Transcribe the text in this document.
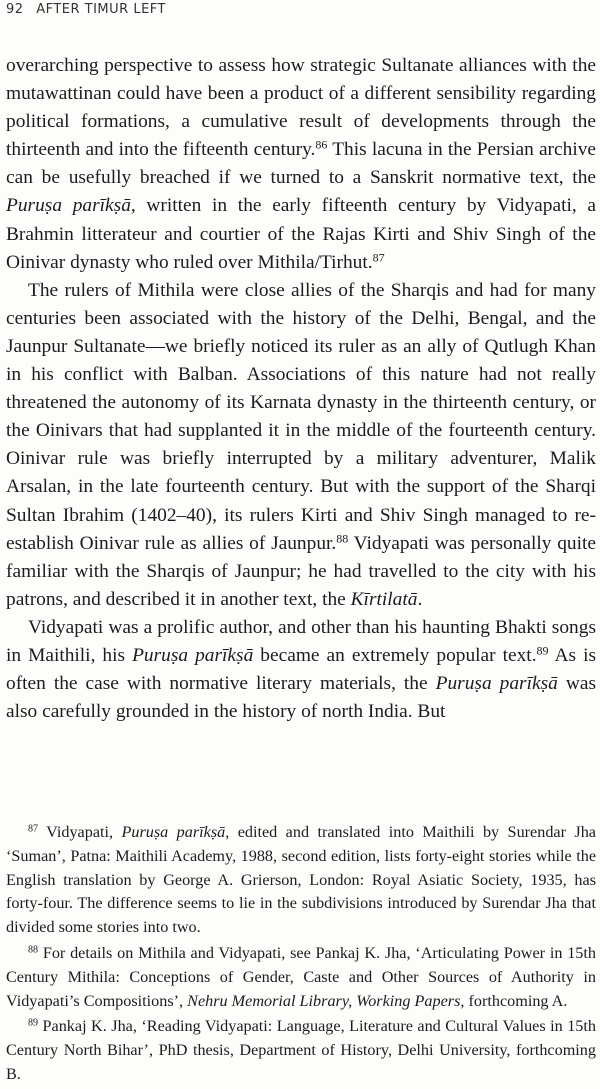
92 AFTER TIMUR LEFT

overarching perspective to assess how strategic Sultanate alliances with the mutawattinan could have been a product of a different sensibility regarding political formations, a cumulative result of developments through the thirteenth and into the fifteenth century.$^{86}$ This lacuna in the Persian archive can be usefully breached if we turned to a Sanskrit normative text, the Puruṣa parīkṣā, written in the early fifteenth century by Vidyapati, a Brahmin litterateur and courtier of the Rajas Kirti and Shiv Singh of the Oinivar dynasty who ruled over Mithila/Tirhut.$^{87}$

The rulers of Mithila were close allies of the Sharqis and had for many centuries been associated with the history of the Delhi, Bengal, and the Jaunpur Sultanate—we briefly noticed its ruler as an ally of Qutlugh Khan in his conflict with Balban. Associations of this nature had not really threatened the autonomy of its Karnata dynasty in the thirteenth century, or the Oinivars that had supplanted it in the middle of the fourteenth century. Oinivar rule was briefly interrupted by a military adventurer, Malik Arsalan, in the late fourteenth century. But with the support of the Sharqi Sultan Ibrahim (1402–40), its rulers Kirti and Shiv Singh managed to re-establish Oinivar rule as allies of Jaunpur.$^{88}$ Vidyapati was personally quite familiar with the Sharqis of Jaunpur; he had travelled to the city with his patrons, and described it in another text, the Kīrtilatā.

Vidyapati was a prolific author, and other than his haunting Bhakti songs in Maithili, his Puruṣa parīkṣā became an extremely popular text.$^{89}$ As is often the case with normative literary materials, the Puruṣa parīkṣā was also carefully grounded in the history of north India. But

$^{87}$ Vidyapati, Puruṣa parīkṣā, edited and translated into Maithili by Surendar Jha ‘Suman’, Patna: Maithili Academy, 1988, second edition, lists forty-eight stories while the English translation by George A. Grierson, London: Royal Asiatic Society, 1935, has forty-four. The difference seems to lie in the subdivisions introduced by Surendar Jha that divided some stories into two.

$^{88}$ For details on Mithila and Vidyapati, see Pankaj K. Jha, ‘Articulating Power in 15th Century Mithila: Conceptions of Gender, Caste and Other Sources of Authority in Vidyapati’s Compositions’, Nehru Memorial Library, Working Papers, forthcoming A.

$^{89}$ Pankaj K. Jha, ‘Reading Vidyapati: Language, Literature and Cultural Values in 15th Century North Bihar’, PhD thesis, Department of History, Delhi University, forthcoming B.
